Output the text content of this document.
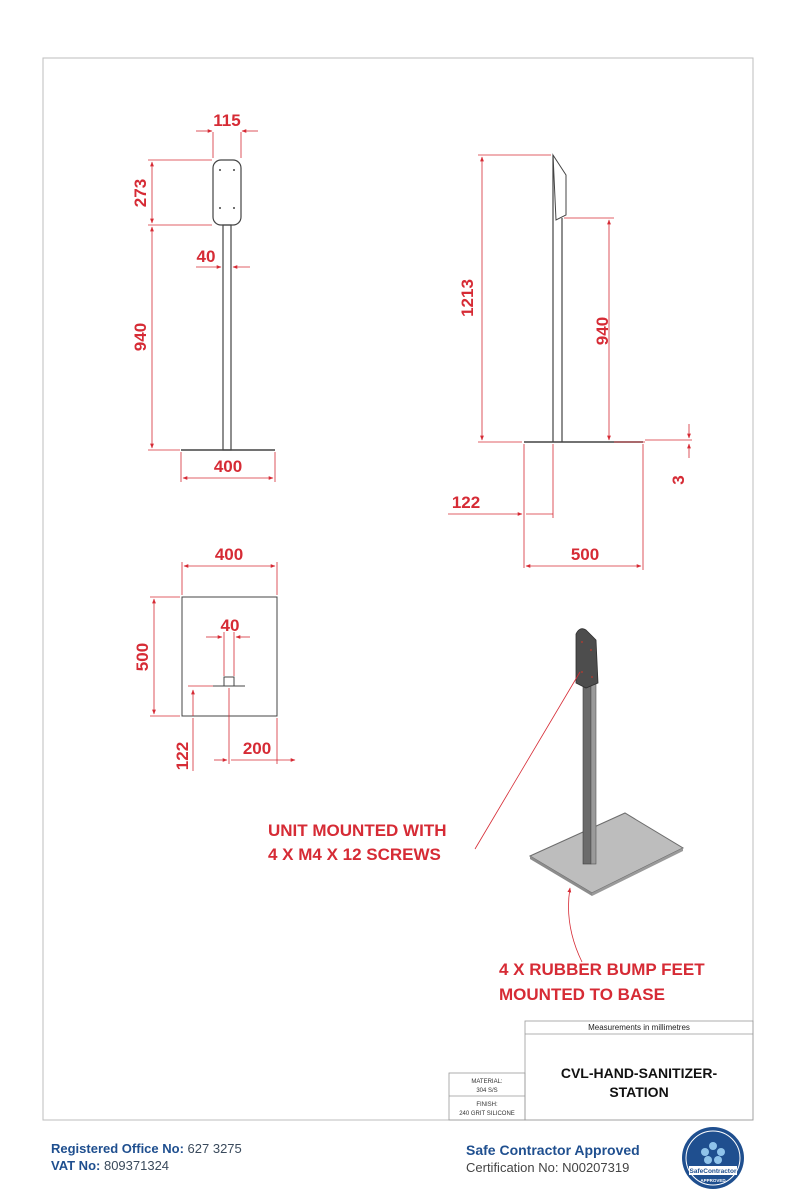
115
273
40
940
400
1213
940
3
122
500
400
500
40
122	200
UNIT MOUNTED WITH
4 X M4 X 12 SCREWS
4 X RUBBER BUMP FEET
MOUNTED TO BASE
Measurements in millimetres
CVL-HAND-SANITIZER-
STATION
MATERIAL:
304 S/S
FINISH:
240 GRIT SILICONE
Registered Office No: 627 3275
VAT No: 809371324
Safe Contractor Approved
Certification No: N00207319	SafeContractor
APPROVED
